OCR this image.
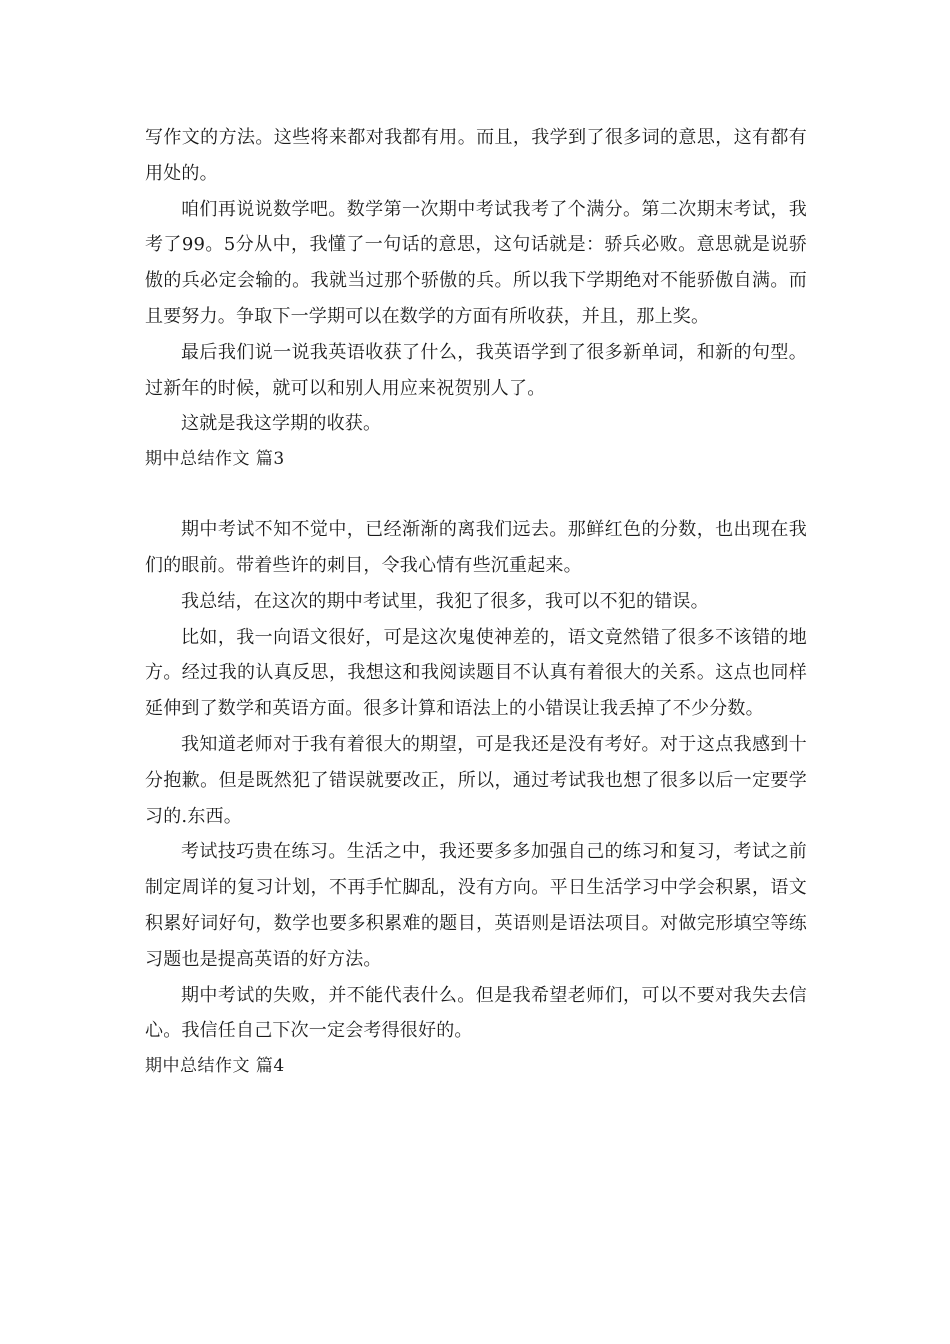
写作文的方法。这些将来都对我都有用。而且，我学到了很多词的意思，这有都有用处的。

咱们再说说数学吧。数学第一次期中考试我考了个满分。第二次期末考试，我考了99。5分从中，我懂了一句话的意思，这句话就是：骄兵必败。意思就是说骄傲的兵必定会输的。我就当过那个骄傲的兵。所以我下学期绝对不能骄傲自满。而且要努力。争取下一学期可以在数学的方面有所收获，并且，那上奖。

最后我们说一说我英语收获了什么，我英语学到了很多新单词，和新的句型。过新年的时候，就可以和别人用应来祝贺别人了。

这就是我这学期的收获。

期中总结作文 篇3

期中考试不知不觉中，已经渐渐的离我们远去。那鲜红色的分数，也出现在我们的眼前。带着些许的刺目，令我心情有些沉重起来。

我总结，在这次的期中考试里，我犯了很多，我可以不犯的错误。

比如，我一向语文很好，可是这次鬼使神差的，语文竟然错了很多不该错的地方。经过我的认真反思，我想这和我阅读题目不认真有着很大的关系。这点也同样延伸到了数学和英语方面。很多计算和语法上的小错误让我丢掉了不少分数。

我知道老师对于我有着很大的期望，可是我还是没有考好。对于这点我感到十分抱歉。但是既然犯了错误就要改正，所以，通过考试我也想了很多以后一定要学习的.东西。

考试技巧贵在练习。生活之中，我还要多多加强自己的练习和复习，考试之前制定周详的复习计划，不再手忙脚乱，没有方向。平日生活学习中学会积累，语文积累好词好句，数学也要多积累难的题目，英语则是语法项目。对做完形填空等练习题也是提高英语的好方法。

期中考试的失败，并不能代表什么。但是我希望老师们，可以不要对我失去信心。我信任自己下次一定会考得很好的。

期中总结作文 篇4
